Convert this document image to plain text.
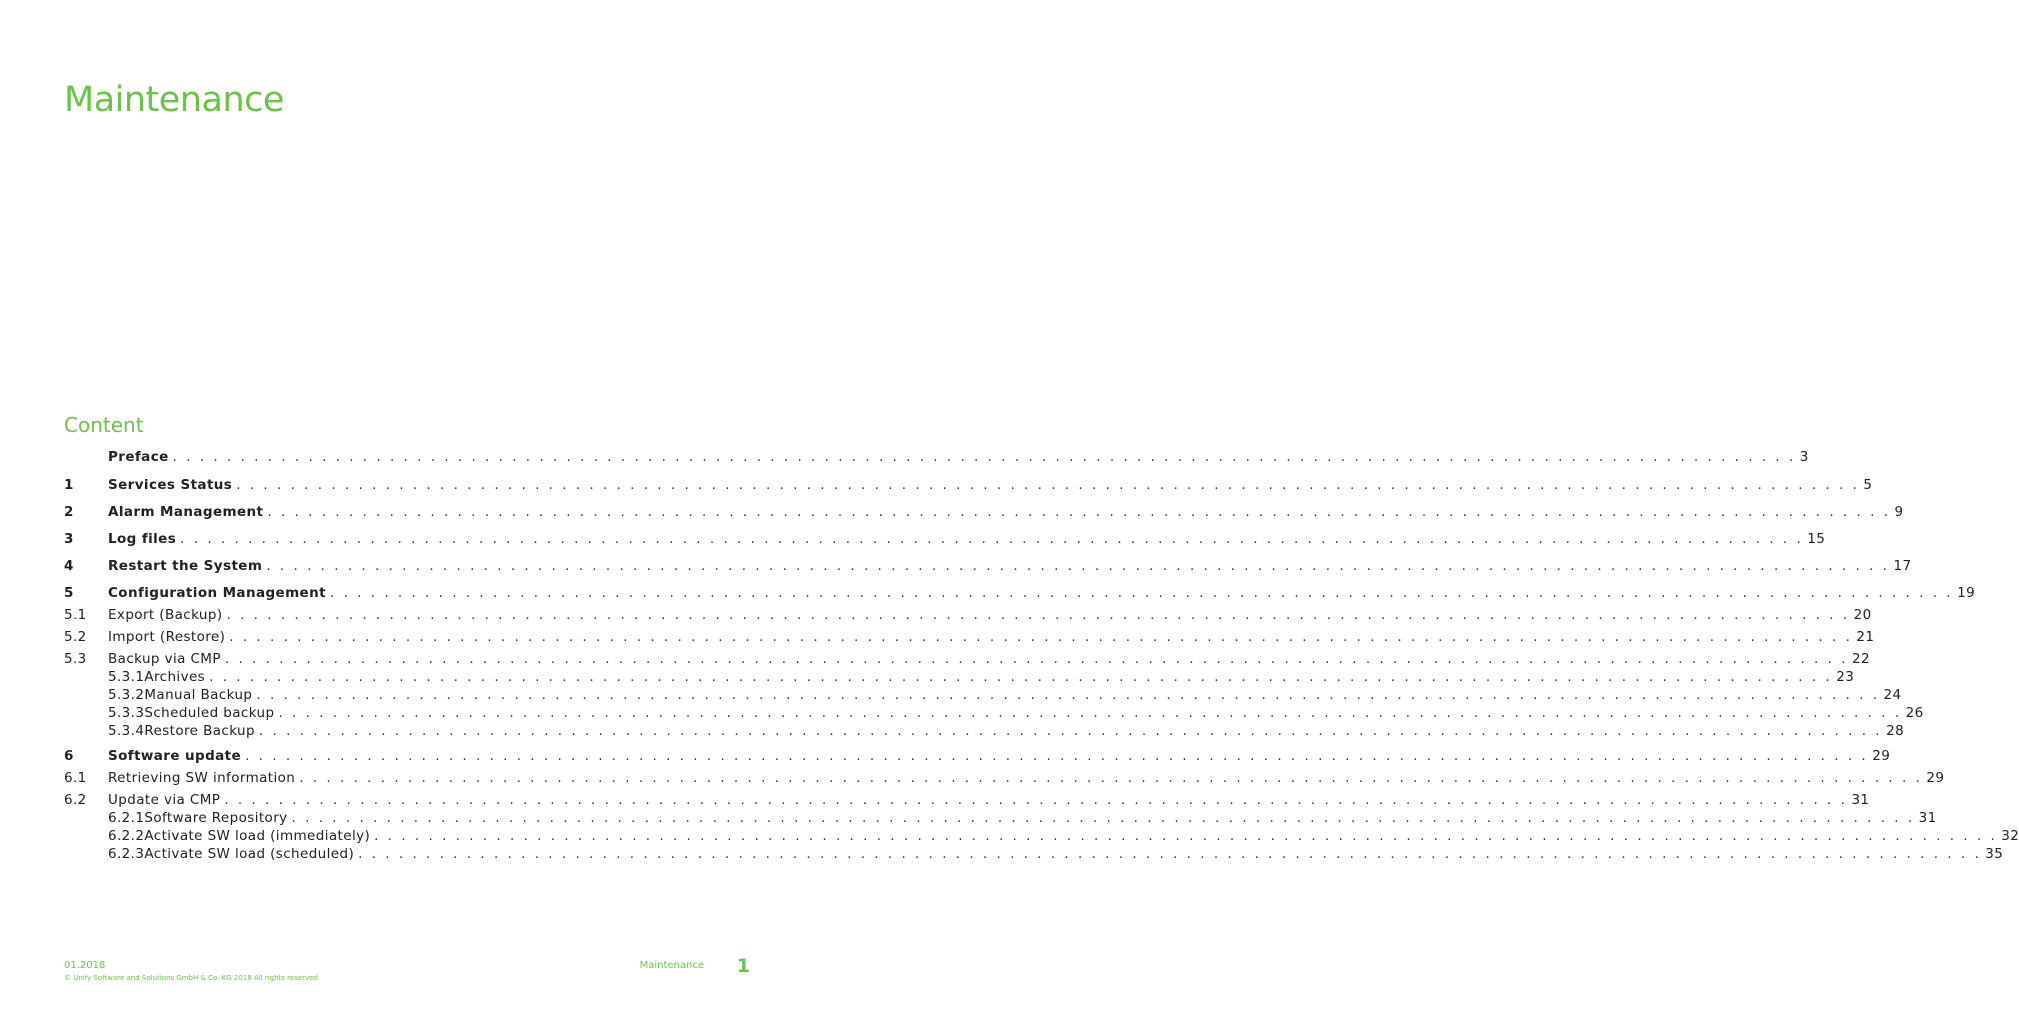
Maintenance
Content
Preface . . . . . . . . . . . . . . . . . . . . . . . . . . . . . . . . . . . . . . . . . . . . . . . . . . . . . . . . . . . . . . . . . . . . . . . . . . . . . . . . . . . . . . . . . . . . . . . . . . . . . . . . . . . . . . . . . . . . . . . . 3
1	Services Status . . . . . . . . . . . . . . . . . . . . . . . . . . . . . . . . . . . . . . . . . . . . . . . . . . . . . . . . . . . . . . . . . . . . . . . . . . . . . . . . . . . . . . . . . . . . . . . . . . . . . . . . . . . . . . . . . . . . . . . . 5
2	Alarm Management . . . . . . . . . . . . . . . . . . . . . . . . . . . . . . . . . . . . . . . . . . . . . . . . . . . . . . . . . . . . . . . . . . . . . . . . . . . . . . . . . . . . . . . . . . . . . . . . . . . . . . . . . . . . . . . . . . . . . . . . 9
3	Log files . . . . . . . . . . . . . . . . . . . . . . . . . . . . . . . . . . . . . . . . . . . . . . . . . . . . . . . . . . . . . . . . . . . . . . . . . . . . . . . . . . . . . . . . . . . . . . . . . . . . . . . . . . . . . . . . . . . . . . . . 15
4	Restart the System . . . . . . . . . . . . . . . . . . . . . . . . . . . . . . . . . . . . . . . . . . . . . . . . . . . . . . . . . . . . . . . . . . . . . . . . . . . . . . . . . . . . . . . . . . . . . . . . . . . . . . . . . . . . . . . . . . . . . . . . 17
5	Configuration Management . . . . . . . . . . . . . . . . . . . . . . . . . . . . . . . . . . . . . . . . . . . . . . . . . . . . . . . . . . . . . . . . . . . . . . . . . . . . . . . . . . . . . . . . . . . . . . . . . . . . . . . . . . . . . . . . . . . . . . . . 19
5.1 Export (Backup) . . . . . . . . . . . . . . . . . . . . . . . . . . . . . . . . . . . . . . . . . . . . . . . . . . . . . . . . . . . . . . . . . . . . . . . . . . . . . . . . . . . . . . . . . . . . . . . . . . . . . . . . . . . . . . . . . . . . . . . . 20
5.2 Import (Restore) . . . . . . . . . . . . . . . . . . . . . . . . . . . . . . . . . . . . . . . . . . . . . . . . . . . . . . . . . . . . . . . . . . . . . . . . . . . . . . . . . . . . . . . . . . . . . . . . . . . . . . . . . . . . . . . . . . . . . . . . 21
5.3 Backup via CMP . . . . . . . . . . . . . . . . . . . . . . . . . . . . . . . . . . . . . . . . . . . . . . . . . . . . . . . . . . . . . . . . . . . . . . . . . . . . . . . . . . . . . . . . . . . . . . . . . . . . . . . . . . . . . . . . . . . . . . . . 22
5.3.1 Archives . . . . . . . . . . . . . . . . . . . . . . . . . . . . . . . . . . . . . . . . . . . . . . . . . . . . . . . . . . . . . . . . . . . . . . . . . . . . . . . . . . . . . . . . . . . . . . . . . . . . . . . . . . . . . . . . . . . . . . . . 23
5.3.2 Manual Backup . . . . . . . . . . . . . . . . . . . . . . . . . . . . . . . . . . . . . . . . . . . . . . . . . . . . . . . . . . . . . . . . . . . . . . . . . . . . . . . . . . . . . . . . . . . . . . . . . . . . . . . . . . . . . . . . . . . . . . . . 24
5.3.3 Scheduled backup . . . . . . . . . . . . . . . . . . . . . . . . . . . . . . . . . . . . . . . . . . . . . . . . . . . . . . . . . . . . . . . . . . . . . . . . . . . . . . . . . . . . . . . . . . . . . . . . . . . . . . . . . . . . . . . . . . . . . . . . 26
5.3.4 Restore Backup . . . . . . . . . . . . . . . . . . . . . . . . . . . . . . . . . . . . . . . . . . . . . . . . . . . . . . . . . . . . . . . . . . . . . . . . . . . . . . . . . . . . . . . . . . . . . . . . . . . . . . . . . . . . . . . . . . . . . . . . 28
6	Software update . . . . . . . . . . . . . . . . . . . . . . . . . . . . . . . . . . . . . . . . . . . . . . . . . . . . . . . . . . . . . . . . . . . . . . . . . . . . . . . . . . . . . . . . . . . . . . . . . . . . . . . . . . . . . . . . . . . . . . . . 29
6.1 Retrieving SW information . . . . . . . . . . . . . . . . . . . . . . . . . . . . . . . . . . . . . . . . . . . . . . . . . . . . . . . . . . . . . . . . . . . . . . . . . . . . . . . . . . . . . . . . . . . . . . . . . . . . . . . . . . . . . . . . . . . . . . . . 29
6.2 Update via CMP . . . . . . . . . . . . . . . . . . . . . . . . . . . . . . . . . . . . . . . . . . . . . . . . . . . . . . . . . . . . . . . . . . . . . . . . . . . . . . . . . . . . . . . . . . . . . . . . . . . . . . . . . . . . . . . . . . . . . . . . 31
6.2.1 Software Repository . . . . . . . . . . . . . . . . . . . . . . . . . . . . . . . . . . . . . . . . . . . . . . . . . . . . . . . . . . . . . . . . . . . . . . . . . . . . . . . . . . . . . . . . . . . . . . . . . . . . . . . . . . . . . . . . . . . . . . . . 31
6.2.2 Activate SW load (immediately) . . . . . . . . . . . . . . . . . . . . . . . . . . . . . . . . . . . . . . . . . . . . . . . . . . . . . . . . . . . . . . . . . . . . . . . . . . . . . . . . . . . . . . . . . . . . . . . . . . . . . . . . . . . . . . . . . . . . . . . . 32
6.2.3 Activate SW load (scheduled) . . . . . . . . . . . . . . . . . . . . . . . . . . . . . . . . . . . . . . . . . . . . . . . . . . . . . . . . . . . . . . . . . . . . . . . . . . . . . . . . . . . . . . . . . . . . . . . . . . . . . . . . . . . . . . . . . . . . . . . . 35
01.2018
© Unify Software and Solutions GmbH & Co. KG 2018 All rights reserved
Maintenance 1
